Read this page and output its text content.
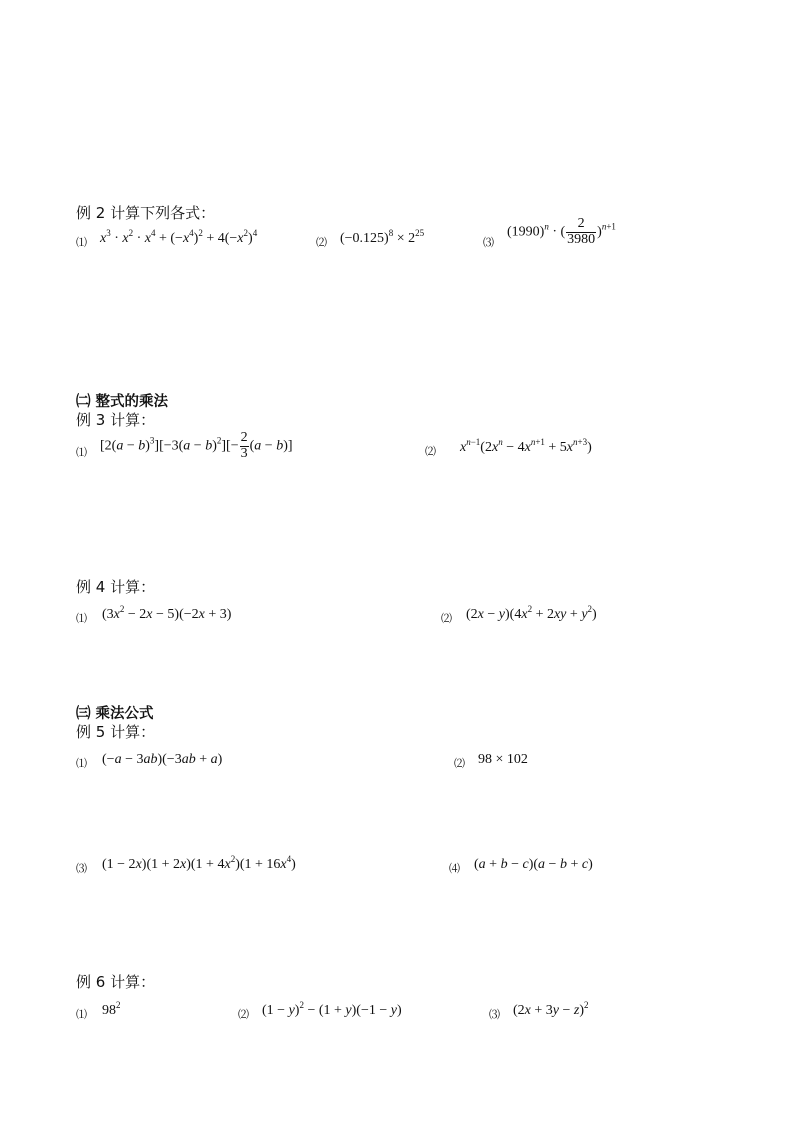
例 2 计算下列各式：
⑴ $x^3 \cdot x^2 \cdot x^4 + (-x^4)^2 + 4(-x^2)^4$
⑵ $(-0.125)^8 \times 2^{25}$
⑶
$(1990)^n$ · ( $\frac{2}{3980} )^{n+1}$
㈡ 整式的乘法
例 3 计算：
⑴ $[2(a - b)^3][-3(a - b)^2][- \frac{2}{3} (a - b)]$	⑵ $x^{n-1}(2x^n - 4x^{n+1} + 5x^{n+3})$
例 4 计算：
⑴ $(3x^2 - 2x - 5)(-2x + 3)$	⑵ $(2x - y)(4x^2 + 2xy + y^2)$
㈢ 乘法公式
例 5 计算：
⑴ (−a − 3ab)(−3ab + a)	⑵ 98 × 102
⑶ $(1 - 2x)(1 + 2x)(1 + 4x^2)(1 + 16x^4)$	⑷ (a + b − c)(a − b + c)
例 6 计算：
⑴ $98^2$
⑵ $(1 - y)^2 - (1 + y)(-1 - y)$	⑶ $(2x + 3y - z)^2$
